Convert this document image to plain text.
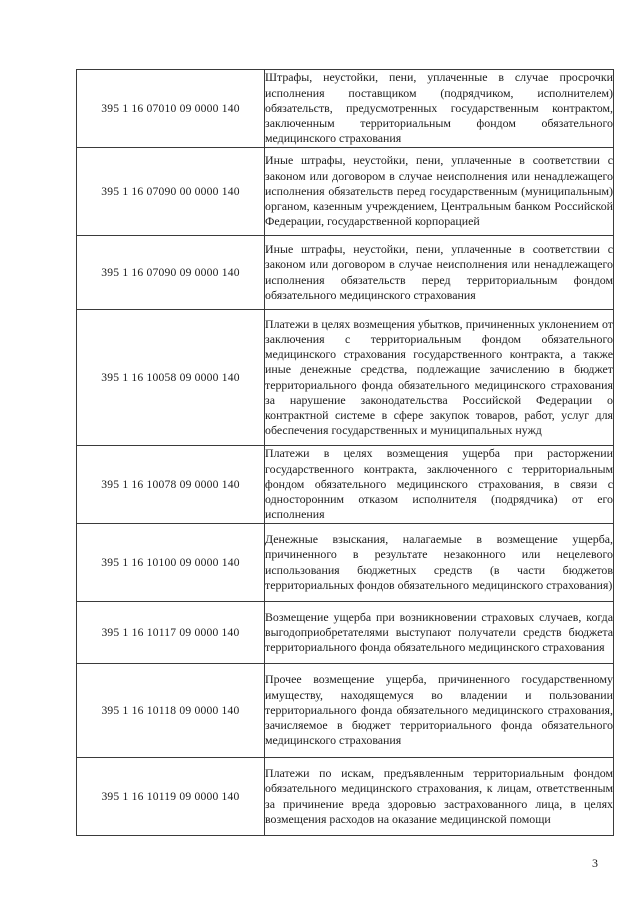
395 1 16 07010 09 0000 140	Штрафы, неустойки, пени, уплаченные в случае просрочки исполнения поставщиком (подрядчиком, исполнителем) обязательств, предусмотренных государственным контрактом, заключенным территориальным фондом обязательного медицинского страхования
395 1 16 07090 00 0000 140	Иные штрафы, неустойки, пени, уплаченные в соответствии с законом или договором в случае неисполнения или ненадлежащего исполнения обязательств перед государственным (муниципальным) органом, казенным учреждением, Центральным банком Российской Федерации, государственной корпорацией
395 1 16 07090 09 0000 140	Иные штрафы, неустойки, пени, уплаченные в соответствии с законом или договором в случае неисполнения или ненадлежащего исполнения обязательств перед территориальным фондом обязательного медицинского страхования
395 1 16 10058 09 0000 140	Платежи в целях возмещения убытков, причиненных уклонением от заключения с территориальным фондом обязательного медицинского страхования государственного контракта, а также иные денежные средства, подлежащие зачислению в бюджет территориального фонда обязательного медицинского страхования за нарушение законодательства Российской Федерации о контрактной системе в сфере закупок товаров, работ, услуг для обеспечения государственных и муниципальных нужд
395 1 16 10078 09 0000 140	Платежи в целях возмещения ущерба при расторжении государственного контракта, заключенного с территориальным фондом обязательного медицинского страхования, в связи с односторонним отказом исполнителя (подрядчика) от его исполнения
395 1 16 10100 09 0000 140	Денежные взыскания, налагаемые в возмещение ущерба, причиненного в результате незаконного или нецелевого использования бюджетных средств (в части бюджетов территориальных фондов обязательного медицинского страхования)
395 1 16 10117 09 0000 140	Возмещение ущерба при возникновении страховых случаев, когда выгодоприобретателями выступают получатели средств бюджета территориального фонда обязательного медицинского страхования
395 1 16 10118 09 0000 140	Прочее возмещение ущерба, причиненного государственному имуществу, находящемуся во владении и пользовании территориального фонда обязательного медицинского страхования, зачисляемое в бюджет территориального фонда обязательного медицинского страхования
395 1 16 10119 09 0000 140	Платежи по искам, предъявленным территориальным фондом обязательного медицинского страхования, к лицам, ответственным за причинение вреда здоровью застрахованного лица, в целях возмещения расходов на оказание медицинской помощи
3
